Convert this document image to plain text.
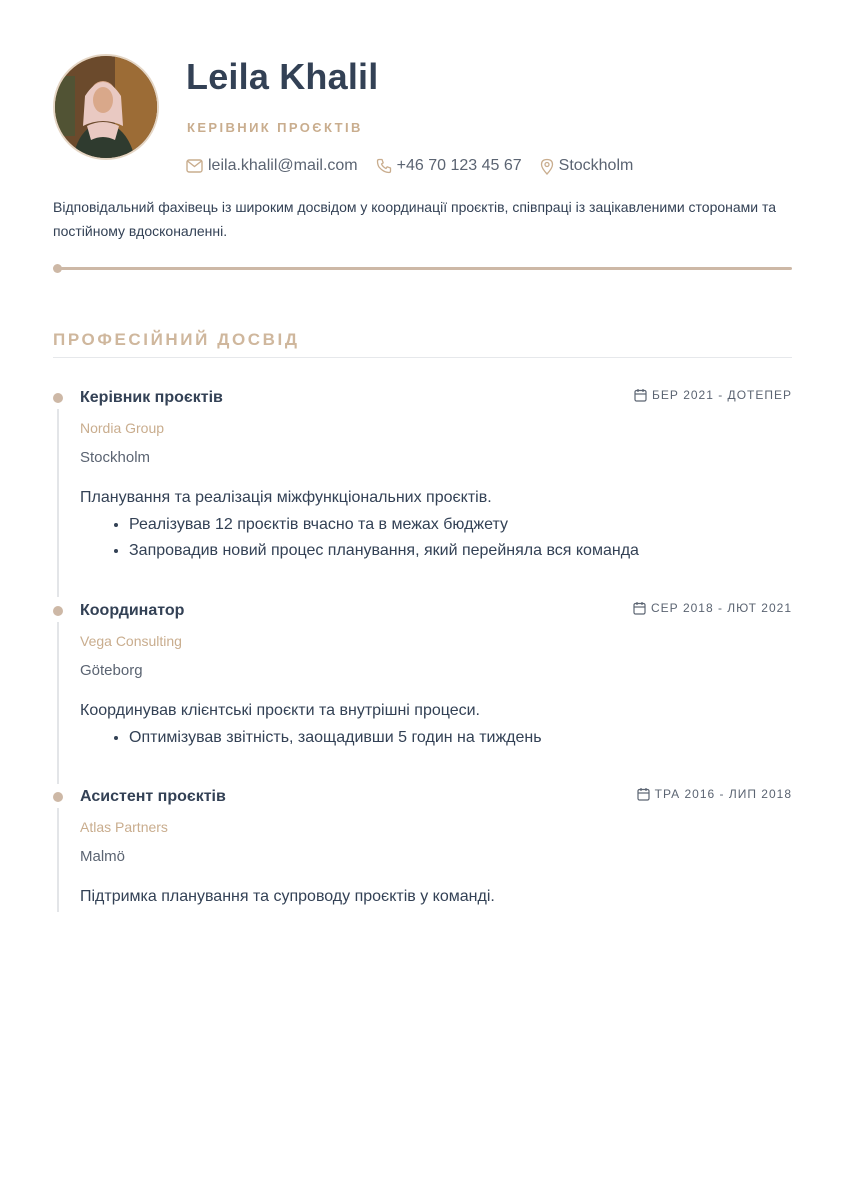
Leila Khalil
КЕРІВНИК ПРОЄКТІВ
leila.khalil@mail.com +46 70 123 45 67 Stockholm

Відповідальний фахівець із широким досвідом у координації проєктів, співпраці із зацікавленими сторонами та постійному вдосконаленні.

ПРОФЕСІЙНИЙ ДОСВІД
Керівник проєктів	БЕР 2021 - ДОТЕПЕР
Nordia Group
Stockholm
Планування та реалізація міжфункціональних проєктів.
• Реалізував 12 проєктів вчасно та в межах бюджету
• Запровадив новий процес планування, який перейняла вся команда
Координатор	СЕР 2018 - ЛЮТ 2021
Vega Consulting
Göteborg
Координував клієнтські проєкти та внутрішні процеси.
• Оптимізував звітність, заощадивши 5 годин на тиждень
Асистент проєктів	ТРА 2016 - ЛИП 2018
Atlas Partners
Malmö
Підтримка планування та супроводу проєктів у команді.
